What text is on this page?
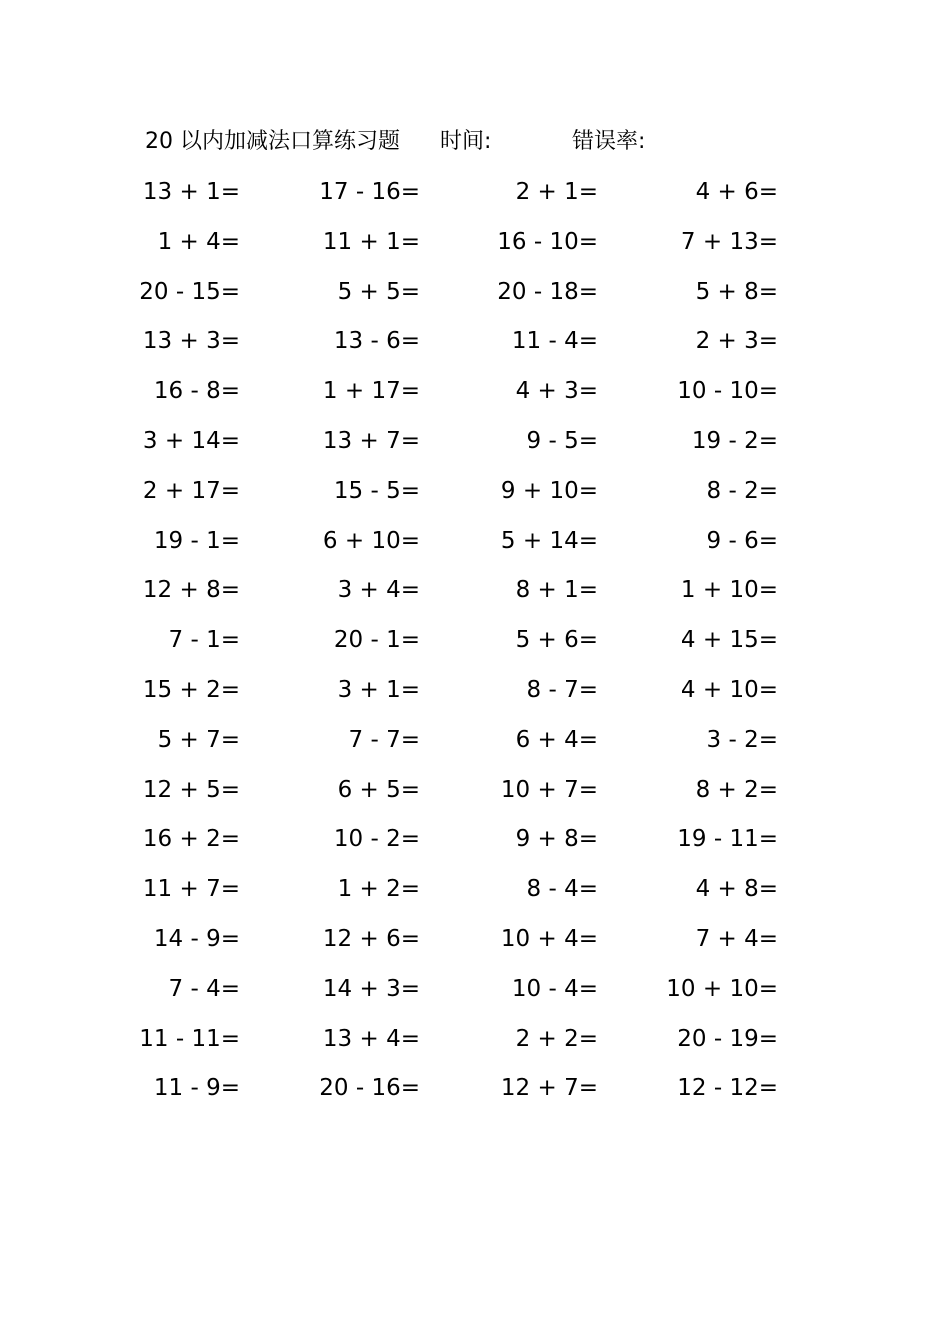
20 以内加减法口算练习题 时间:	错误率:
13 + 1=	17 - 16=	2 + 1=	4 + 6=
1 + 4=	11 + 1=	16 - 10=	7 + 13=
20 - 15=	5 + 5=	20 - 18=	5 + 8=
13 + 3=	13 - 6=	11 - 4=	2 + 3=
16 - 8=	1 + 17=	4 + 3=	10 - 10=
3 + 14=	13 + 7=	9 - 5=	19 - 2=
2 + 17=	15 - 5=	9 + 10=	8 - 2=
19 - 1=	6 + 10=	5 + 14=	9 - 6=
12 + 8=	3 + 4=	8 + 1=	1 + 10=
7 - 1=	20 - 1=	5 + 6=	4 + 15=
15 + 2=	3 + 1=	8 - 7=	4 + 10=
5 + 7=	7 - 7=	6 + 4=	3 - 2=
12 + 5=	6 + 5=	10 + 7=	8 + 2=
16 + 2=	10 - 2=	9 + 8=	19 - 11=
11 + 7=	1 + 2=	8 - 4=	4 + 8=
14 - 9=	12 + 6=	10 + 4=	7 + 4=
7 - 4=	14 + 3=	10 - 4=	10 + 10=
11 - 11=	13 + 4=	2 + 2=	20 - 19=
11 - 9=	20 - 16=	12 + 7=	12 - 12=
